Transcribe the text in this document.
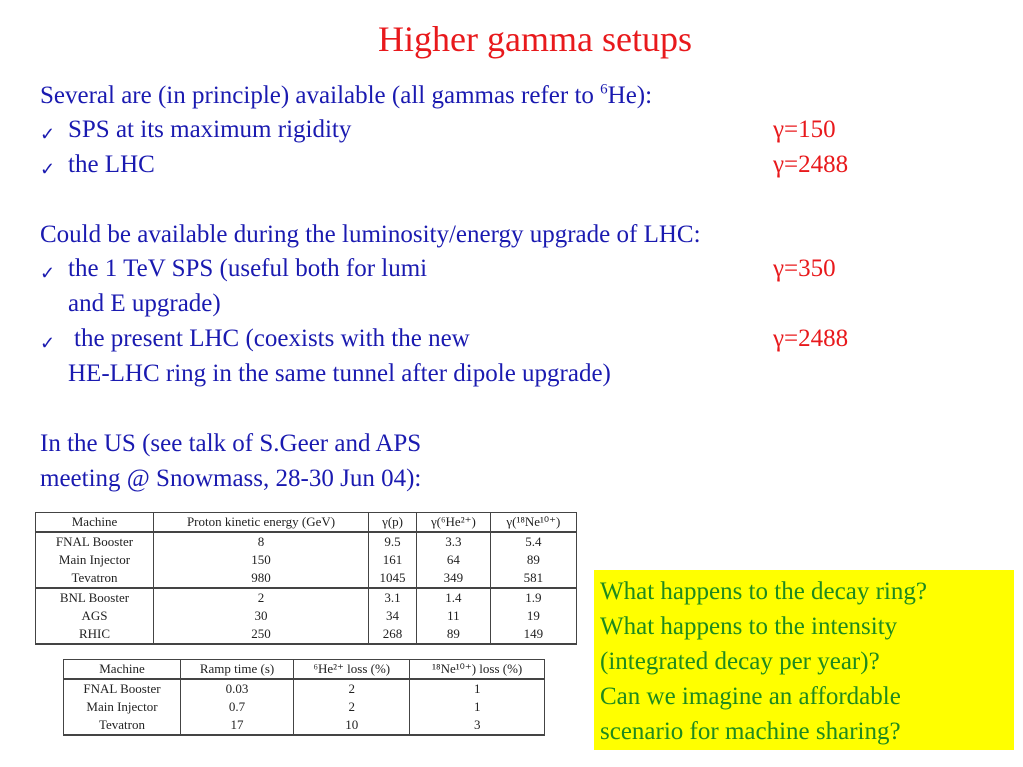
Higher gamma setups
Several are (in principle) available (all gammas refer to $^6$He):
✓ SPS at its maximum rigidity	γ=150
✓ the LHC	γ=2488
Could be available during the luminosity/energy upgrade of LHC:
✓ the 1 TeV SPS (useful both for lumi	γ=350
and E upgrade)
✓ the present LHC (coexists with the new	γ=2488
HE-LHC ring in the same tunnel after dipole upgrade)
In the US (see talk of S.Geer and APS
meeting @ Snowmass, 28-30 Jun 04):
Machine	Proton kinetic energy (GeV)	γ(p)	γ(⁶He²⁺)	γ(¹⁸Ne¹⁰⁺)
FNAL Booster	8	9.5	3.3	5.4
Main Injector	150	161	64	89
Tevatron	980	1045	349	581
BNL Booster	2	3.1	1.4	1.9
AGS	30	34	11	19
RHIC	250	268	89	149
Machine	Ramp time (s)	⁶He²⁺ loss (%)	¹⁸Ne¹⁰⁺) loss (%)
FNAL Booster	0.03	2	1
Main Injector	0.7	2	1
Tevatron	17	10	3
What happens to the decay ring?
What happens to the intensity
(integrated decay per year)?
Can we imagine an affordable
scenario for machine sharing?
